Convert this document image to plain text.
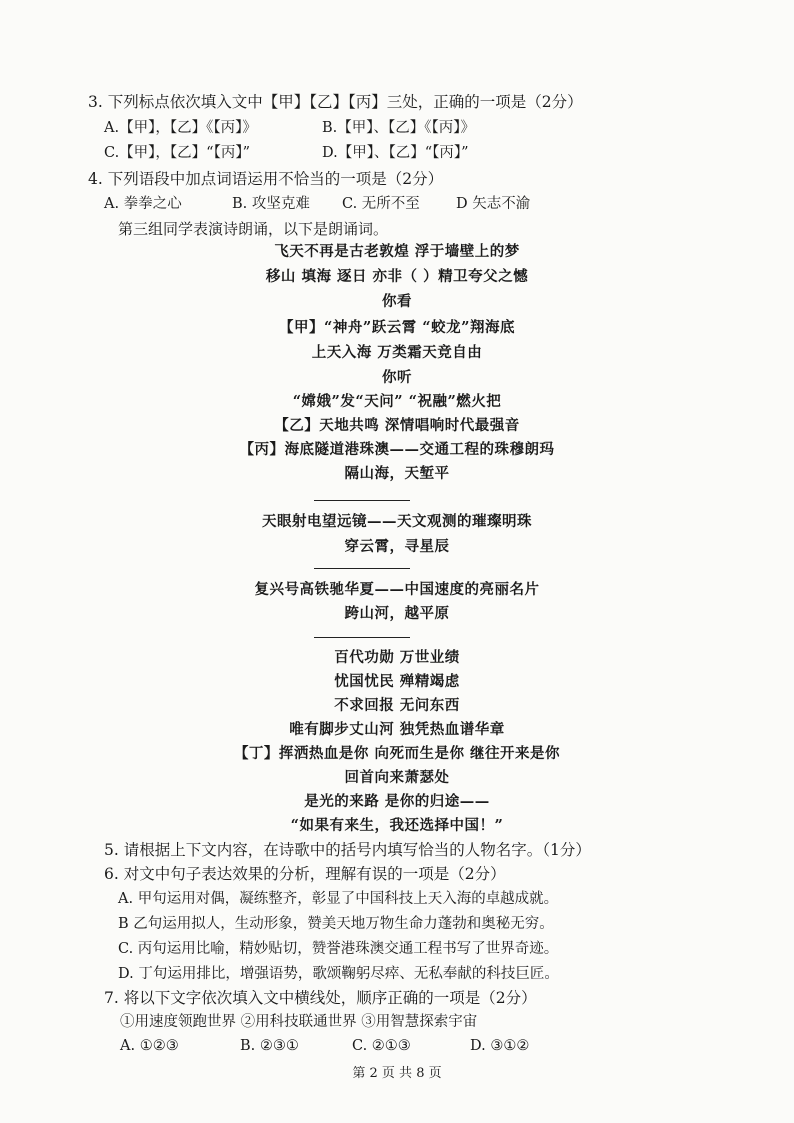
3. 下列标点依次填入文中【甲】【乙】【丙】三处，正确的一项是（2分）
A.【甲】，【乙】《【丙】》	B.【甲】、【乙】《【丙】》
C.【甲】，【乙】“【丙】”	D.【甲】、【乙】“【丙】”
4. 下列语段中加点词语运用不恰当的一项是（2分）
A. 拳拳之心	B. 攻坚克难 C. 无所不至 D 矢志不渝
第三组同学表演诗朗诵，以下是朗诵词。
飞天不再是古老敦煌 浮于墙壁上的梦
移山 填海 逐日 亦非（ ）精卫夸父之憾
你看
【甲】“神舟”跃云霄 “蛟龙”翔海底
上天入海 万类霜天竞自由
你听
“嫦娥”发“天问” “祝融”燃火把
【乙】天地共鸣 深情唱响时代最强音
【丙】海底隧道港珠澳——交通工程的珠穆朗玛
隔山海，天堑平
天眼射电望远镜——天文观测的璀璨明珠
穿云霄，寻星辰
复兴号高铁驰华夏——中国速度的亮丽名片
跨山河，越平原
百代功勋 万世业绩
忧国忧民 殚精竭虑
不求回报 无问东西
唯有脚步丈山河 独凭热血谱华章
【丁】挥洒热血是你 向死而生是你 继往开来是你
回首向来萧瑟处
是光的来路 是你的归途——
“如果有来生，我还选择中国！”
5. 请根据上下文内容，在诗歌中的括号内填写恰当的人物名字。（1分）
6. 对文中句子表达效果的分析，理解有误的一项是（2分）
A. 甲句运用对偶，凝练整齐，彰显了中国科技上天入海的卓越成就。
B 乙句运用拟人，生动形象，赞美天地万物生命力蓬勃和奥秘无穷。
C. 丙句运用比喻，精妙贴切，赞誉港珠澳交通工程书写了世界奇迹。
D. 丁句运用排比，增强语势，歌颂鞠躬尽瘁、无私奉献的科技巨匠。
7. 将以下文字依次填入文中横线处，顺序正确的一项是（2分）
①用速度领跑世界 ②用科技联通世界 ③用智慧探索宇宙
A. ①②③	B. ②③①	C. ②①③	D. ③①②
第 2 页 共 8 页
